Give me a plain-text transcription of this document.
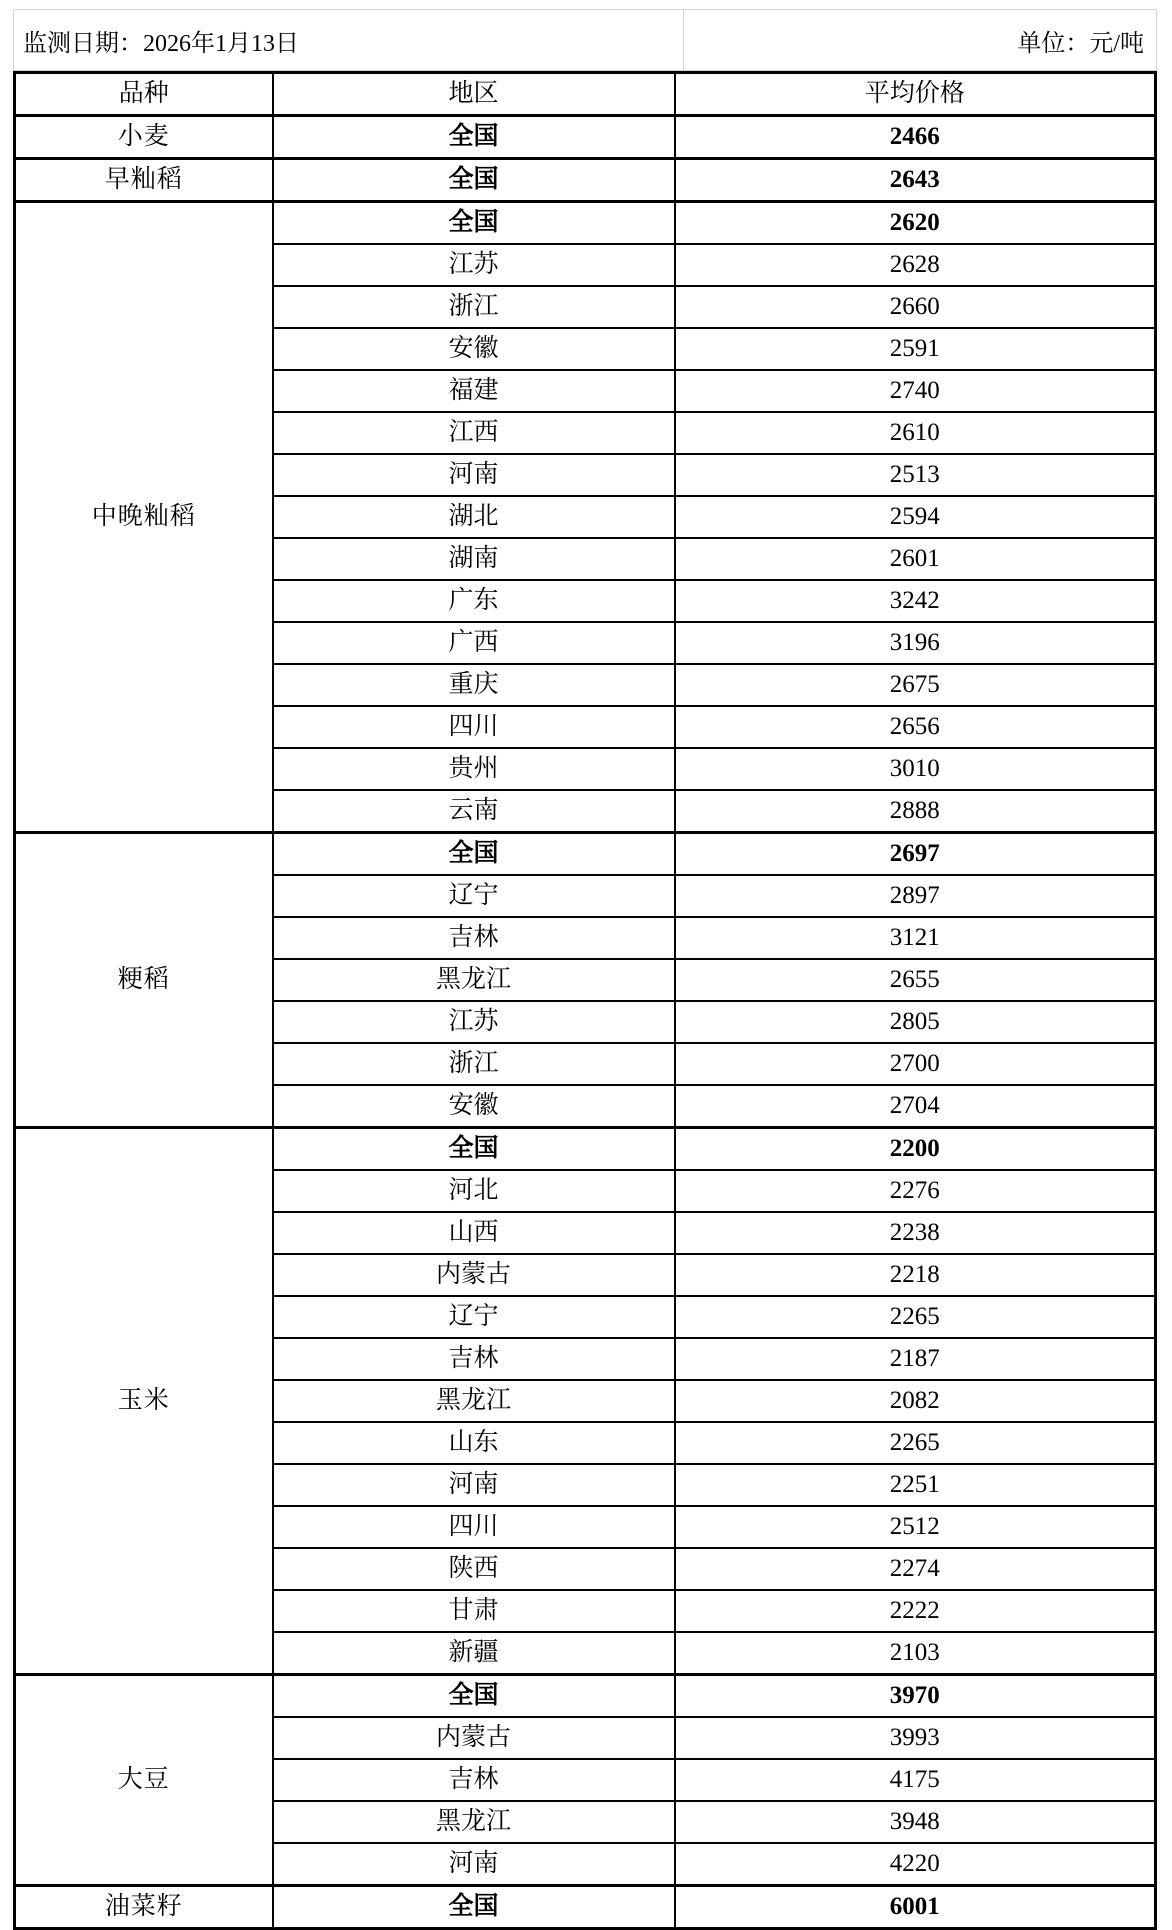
监测日期：2026年1月13日	单位：元/吨
品种	地区	平均价格
小麦	全国	2466
早籼稻	全国	2643
中晚籼稻	全国	2620
	江苏	2628
	浙江	2660
	安徽	2591
	福建	2740
	江西	2610
	河南	2513
	湖北	2594
	湖南	2601
	广东	3242
	广西	3196
	重庆	2675
	四川	2656
	贵州	3010
	云南	2888
粳稻	全国	2697
	辽宁	2897
	吉林	3121
	黑龙江	2655
	江苏	2805
	浙江	2700
	安徽	2704
玉米	全国	2200
	河北	2276
	山西	2238
	内蒙古	2218
	辽宁	2265
	吉林	2187
	黑龙江	2082
	山东	2265
	河南	2251
	四川	2512
	陕西	2274
	甘肃	2222
	新疆	2103
大豆	全国	3970
	内蒙古	3993
	吉林	4175
	黑龙江	3948
	河南	4220
油菜籽	全国	6001
